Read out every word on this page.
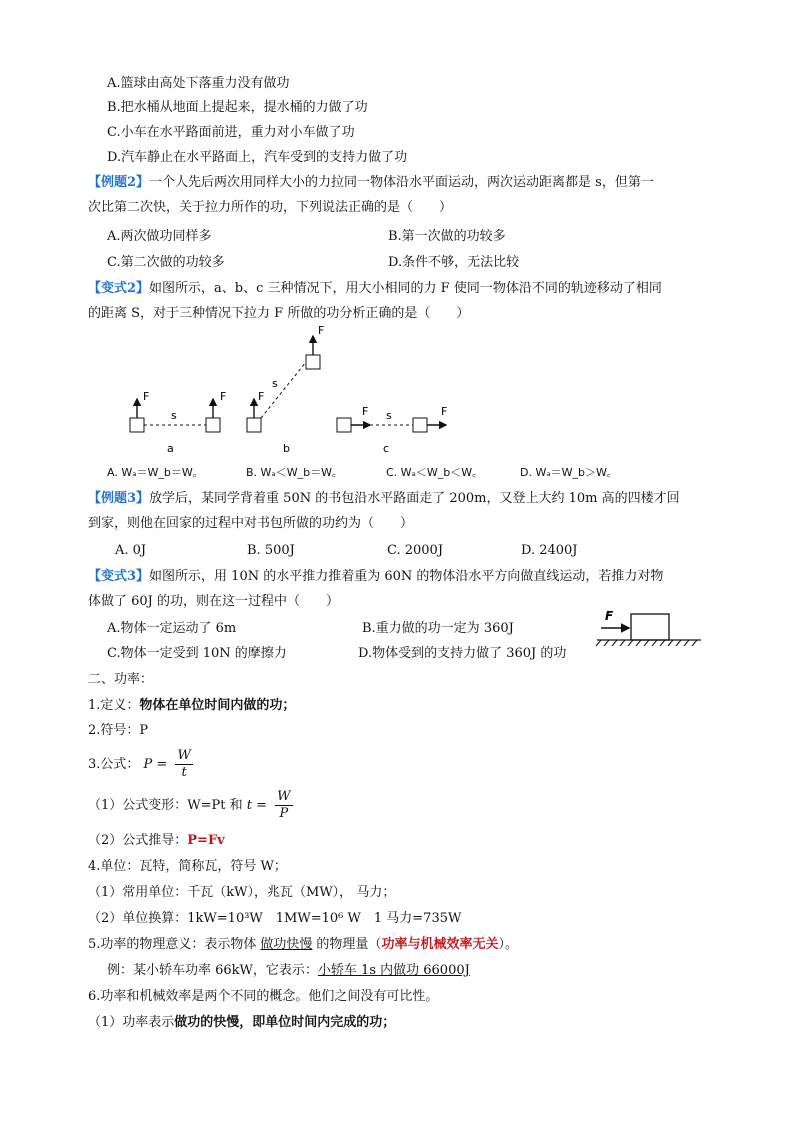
A.篮球由高处下落重力没有做功
B.把水桶从地面上提起来，提水桶的力做了功
C.小车在水平路面前进，重力对小车做了功
D.汽车静止在水平路面上，汽车受到的支持力做了功
【例题2】一个人先后两次用同样大小的力拉同一物体沿水平面运动，两次运动距离都是 s，但第一
次比第二次快，关于拉力所作的功，下列说法正确的是（　　）
A.两次做功同样多	B.第一次做的功较多
C.第二次做的功较多	D.条件不够，无法比较
【变式2】如图所示，a、b、c 三种情况下，用大小相同的力 F 使同一物体沿不同的轨迹移动了相同
的距离 S，对于三种情况下拉力 F 所做的功分析正确的是（　　）
F
s
F
a
F
s
F
b
F s	F
c
A. Wₐ＝W_b＝W꜀	B. Wₐ＜W_b＝W꜀	C. Wₐ＜W_b＜W꜀	D. Wₐ＝W_b＞W꜀
【例题3】放学后，某同学背着重 50N 的书包沿水平路面走了 200m，又登上大约 10m 高的四楼才回
到家，则他在回家的过程中对书包所做的功约为（　　）
A. 0J	B. 500J	C. 2000J	D. 2400J
【变式3】如图所示，用 10N 的水平推力推着重为 60N 的物体沿水平方向做直线运动，若推力对物
体做了 60J 的功，则在这一过程中（　　）
A.物体一定运动了 6m	B.重力做的功一定为 360J
C.物体一定受到 10N 的摩擦力	D.物体受到的支持力做了 360J 的功
F
二、功率：
1.定义：物体在单位时间内做的功；
2.符号：P
3.公式： $P = \frac{W}{t}$
（1）公式变形：W=Pt 和 $t = \frac{W}{P}$
（2）公式推导：P=Fv
4.单位：瓦特，简称瓦，符号 W；
（1）常用单位：千瓦（kW），兆瓦（MW）， 马力；
（2）单位换算：1kW=10³W　1MW=10⁶ W　1 马力=735W
5.功率的物理意义：表示物体 做功快慢 的物理量（功率与机械效率无关）。
例：某小轿车功率 66kW，它表示：小轿车 1s 内做功 66000J
6.功率和机械效率是两个不同的概念。他们之间没有可比性。
（1）功率表示做功的快慢，即单位时间内完成的功；
